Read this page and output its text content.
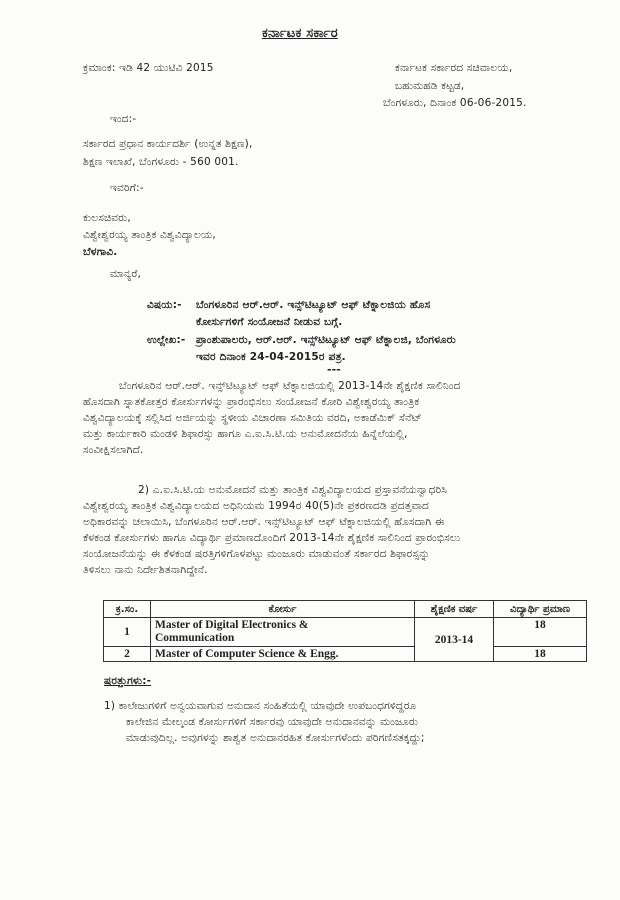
ಕರ್ನಾಟಕ ಸರ್ಕಾರ
ಕ್ರಮಾಂಕ: ಇಡಿ 42 ಯುಟಿವಿ 2015	ಕರ್ನಾಟಕ ಸರ್ಕಾರದ ಸಚಿವಾಲಯ,
ಬಹುಮಹಡಿ ಕಟ್ಟಡ,
ಬೆಂಗಳೂರು, ದಿನಾಂಕ 06-06-2015.
ಇಂದ:-
ಸರ್ಕಾರದ ಪ್ರಧಾನ ಕಾರ್ಯದರ್ಶಿ (ಉನ್ನತ ಶಿಕ್ಷಣ),
ಶಿಕ್ಷಣ ಇಲಾಖೆ, ಬೆಂಗಳೂರು - 560 001.
ಇವರಿಗೆ:-
ಕುಲಸಚಿವರು,
ವಿಶ್ವೇಶ್ವರಯ್ಯ ತಾಂತ್ರಿಕ ವಿಶ್ವವಿದ್ಯಾಲಯ,
ಬೆಳಗಾವಿ.
ಮಾನ್ಯರೆ,
ವಿಷಯ:- ಬೆಂಗಳೂರಿನ ಆರ್.ಆರ್. ಇನ್ಸ್‌ಟಿಟ್ಯೂಟ್ ಆಫ್ ಟೆಕ್ನಾಲಜಿಯ ಹೊಸ
ಕೋರ್ಸುಗಳಿಗೆ ಸಂಯೋಜನೆ ನೀಡುವ ಬಗ್ಗೆ.
ಉಲ್ಲೇಖ:- ಪ್ರಾಂಶುಪಾಲರು, ಆರ್.ಆರ್. ಇನ್ಸ್‌ಟಿಟ್ಯೂಟ್ ಆಫ್ ಟೆಕ್ನಾಲಜಿ, ಬೆಂಗಳೂರು
ಇವರ ದಿನಾಂಕ 24-04-2015ರ ಪತ್ರ.
---

ಬೆಂಗಳೂರಿನ ಆರ್.ಆರ್. ಇನ್ಸ್‌ಟಿಟ್ಯೂಟ್ ಆಫ್ ಟೆಕ್ನಾಲಜಿಯಲ್ಲಿ 2013-14ನೇ ಶೈಕ್ಷಣಿಕ ಸಾಲಿನಿಂದ

ಹೊಸದಾಗಿ ಸ್ನಾತಕೋತ್ತರ ಕೋರ್ಸುಗಳನ್ನು ಪ್ರಾರಂಭಿಸಲು ಸಂಯೋಜನೆ ಕೋರಿ ವಿಶ್ವೇಶ್ವರಯ್ಯ ತಾಂತ್ರಿಕ

ವಿಶ್ವವಿದ್ಯಾಲಯಕ್ಕೆ ಸಲ್ಲಿಸಿದ ಅರ್ಜಿಯನ್ನು ಸ್ಥಳೀಯ ವಿಚಾರಣಾ ಸಮಿತಿಯ ವರದಿ, ಅಕಾಡೆಮಿಕ್ ಸೆನೆಟ್

ಮತ್ತು ಕಾರ್ಯಕಾರಿ ಮಂಡಳಿ ಶಿಫಾರಸ್ಸು ಹಾಗೂ ಎ.ಐ.ಸಿ.ಟಿ.ಯ ಅನುಮೋದನೆಯ ಹಿನ್ನೆಲೆಯಲ್ಲಿ,

ಸಂವೀಕ್ಷಿಸಲಾಗಿದೆ.

2) ಎ.ಐ.ಸಿ.ಟಿ.ಯ ಅನುಮೋದನೆ ಮತ್ತು ತಾಂತ್ರಿಕ ವಿಶ್ವವಿದ್ಯಾಲಯದ ಪ್ರಸ್ತಾವನೆಯನ್ವಾಧರಿಸಿ

ವಿಶ್ವೇಶ್ವರಯ್ಯ ತಾಂತ್ರಿಕ ವಿಶ್ವವಿದ್ಯಾಲಯದ ಅಧಿನಿಯಮ 1994ರ 40(5)ನೇ ಪ್ರಕರಣದಡಿ ಪ್ರದತ್ತವಾದ

ಅಧಿಕಾರವನ್ನು ಚಲಾಯಿಸಿ, ಬೆಂಗಳೂರಿನ ಆರ್.ಆರ್. ಇನ್ಸ್‌ಟಿಟ್ಯೂಟ್ ಆಫ್ ಟೆಕ್ನಾಲಜಿಯಲ್ಲಿ ಹೊಸದಾಗಿ ಈ

ಕೆಳಕಂಡ ಕೋರ್ಸುಗಳು ಹಾಗೂ ವಿದ್ಯಾರ್ಥಿ ಪ್ರಮಾಣದೊಂದಿಗೆ 2013-14ನೇ ಶೈಕ್ಷಣಿಕ ಸಾಲಿನಿಂದ ಪ್ರಾರಂಭಿಸಲು

ಸಂಯೋಜನೆಯನ್ನು ಈ ಕೆಳಕಂಡ ಷರತ್ತಿಗಳಿಗೊಳಪಟ್ಟು ಮಂಜೂರು ಮಾಡುವಂತೆ ಸರ್ಕಾರದ ಶಿಫಾರಸ್ಸನ್ನು

ತಿಳಿಸಲು ನಾನು ನಿರ್ದೇಶಿತನಾಗಿದ್ದೇನೆ.

ಕ್ರ.ಸಂ.	ಕೋರ್ಸು	ಶೈಕ್ಷಣಿಕ ವರ್ಷ	ವಿದ್ಯಾರ್ಥಿ ಪ್ರಮಾಣ
1	Master of Digital Electronics &
Communication	2013-14	18
2	Master of Computer Science & Engg.		18
ಷರತ್ತುಗಳು:-

1) ಕಾಲೇಜುಗಳಿಗೆ ಅನ್ವಯವಾಗುವ ಅನುದಾನ ಸಂಹಿತೆಯಲ್ಲಿ ಯಾವುದೇ ಉಪಬಂಧಗಳಿದ್ದರೂ

ಕಾಲೇಜಿನ ಮೇಲ್ಕಂಡ ಕೋರ್ಸುಗಳಿಗೆ ಸರ್ಕಾರವು ಯಾವುದೇ ಅನುದಾನವನ್ನು ಮಂಜೂರು

ಮಾಡುವುದಿಲ್ಲ. ಅವುಗಳನ್ನು ಶಾಶ್ವತ ಅನುದಾನರಹಿತ ಕೋರ್ಸುಗಳೆಂದು ಪರಿಗಣಿಸತಕ್ಕದ್ದು;
